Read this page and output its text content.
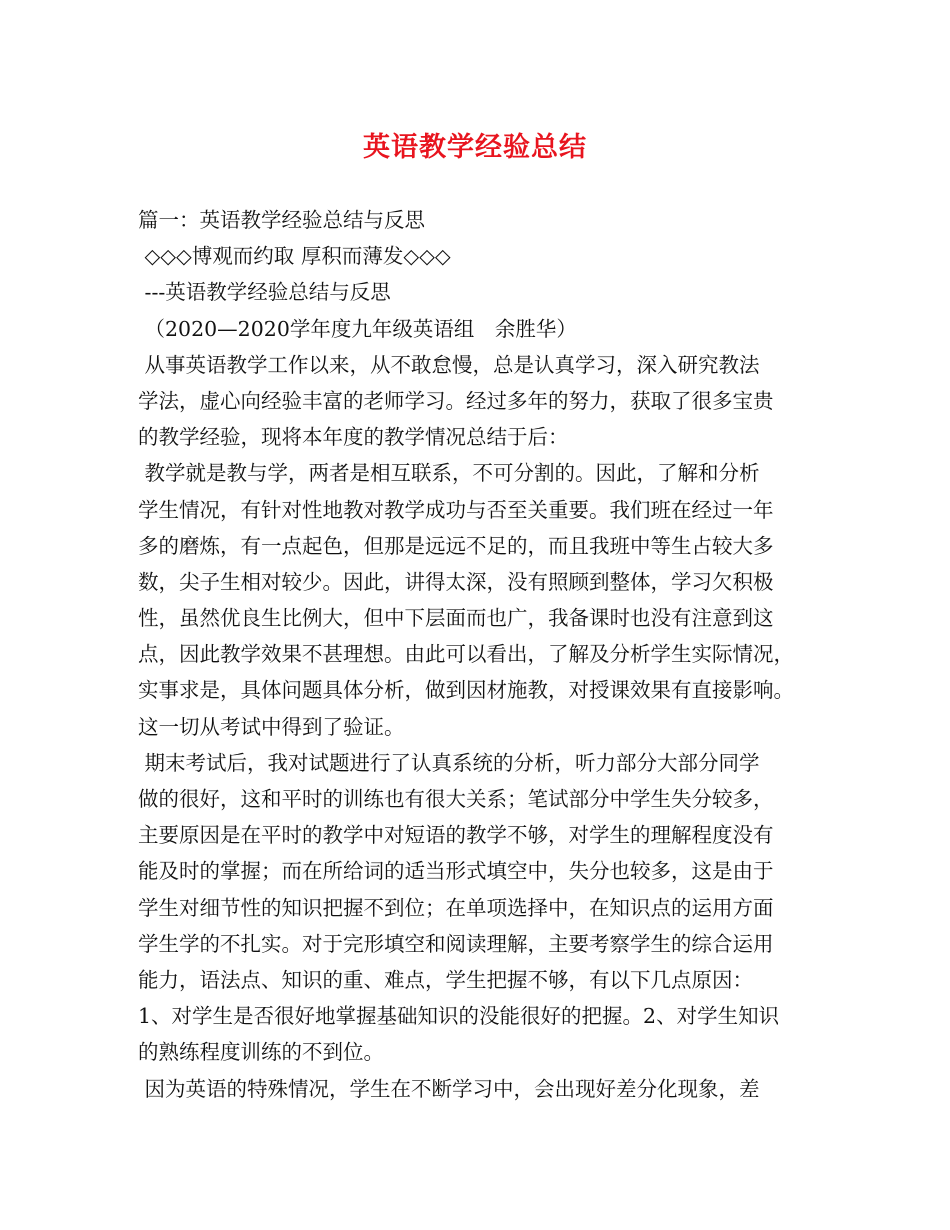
英语教学经验总结
篇一：英语教学经验总结与反思
◇◇◇博观而约取 厚积而薄发◇◇◇
---英语教学经验总结与反思
（2020—2020学年度九年级英语组　余胜华）
从事英语教学工作以来，从不敢怠慢，总是认真学习，深入研究教法
学法，虚心向经验丰富的老师学习。经过多年的努力，获取了很多宝贵
的教学经验，现将本年度的教学情况总结于后：
教学就是教与学，两者是相互联系，不可分割的。因此，了解和分析
学生情况，有针对性地教对教学成功与否至关重要。我们班在经过一年
多的磨炼，有一点起色，但那是远远不足的，而且我班中等生占较大多
数，尖子生相对较少。因此，讲得太深，没有照顾到整体，学习欠积极
性，虽然优良生比例大，但中下层面而也广，我备课时也没有注意到这
点，因此教学效果不甚理想。由此可以看出，了解及分析学生实际情况，
实事求是，具体问题具体分析，做到因材施教，对授课效果有直接影响。
这一切从考试中得到了验证。
期末考试后，我对试题进行了认真系统的分析，听力部分大部分同学
做的很好，这和平时的训练也有很大关系；笔试部分中学生失分较多，
主要原因是在平时的教学中对短语的教学不够，对学生的理解程度没有
能及时的掌握；而在所给词的适当形式填空中，失分也较多，这是由于
学生对细节性的知识把握不到位；在单项选择中，在知识点的运用方面
学生学的不扎实。对于完形填空和阅读理解，主要考察学生的综合运用
能力，语法点、知识的重、难点，学生把握不够，有以下几点原因：
1、对学生是否很好地掌握基础知识的没能很好的把握。2、对学生知识
的熟练程度训练的不到位。
因为英语的特殊情况，学生在不断学习中，会出现好差分化现象，差
